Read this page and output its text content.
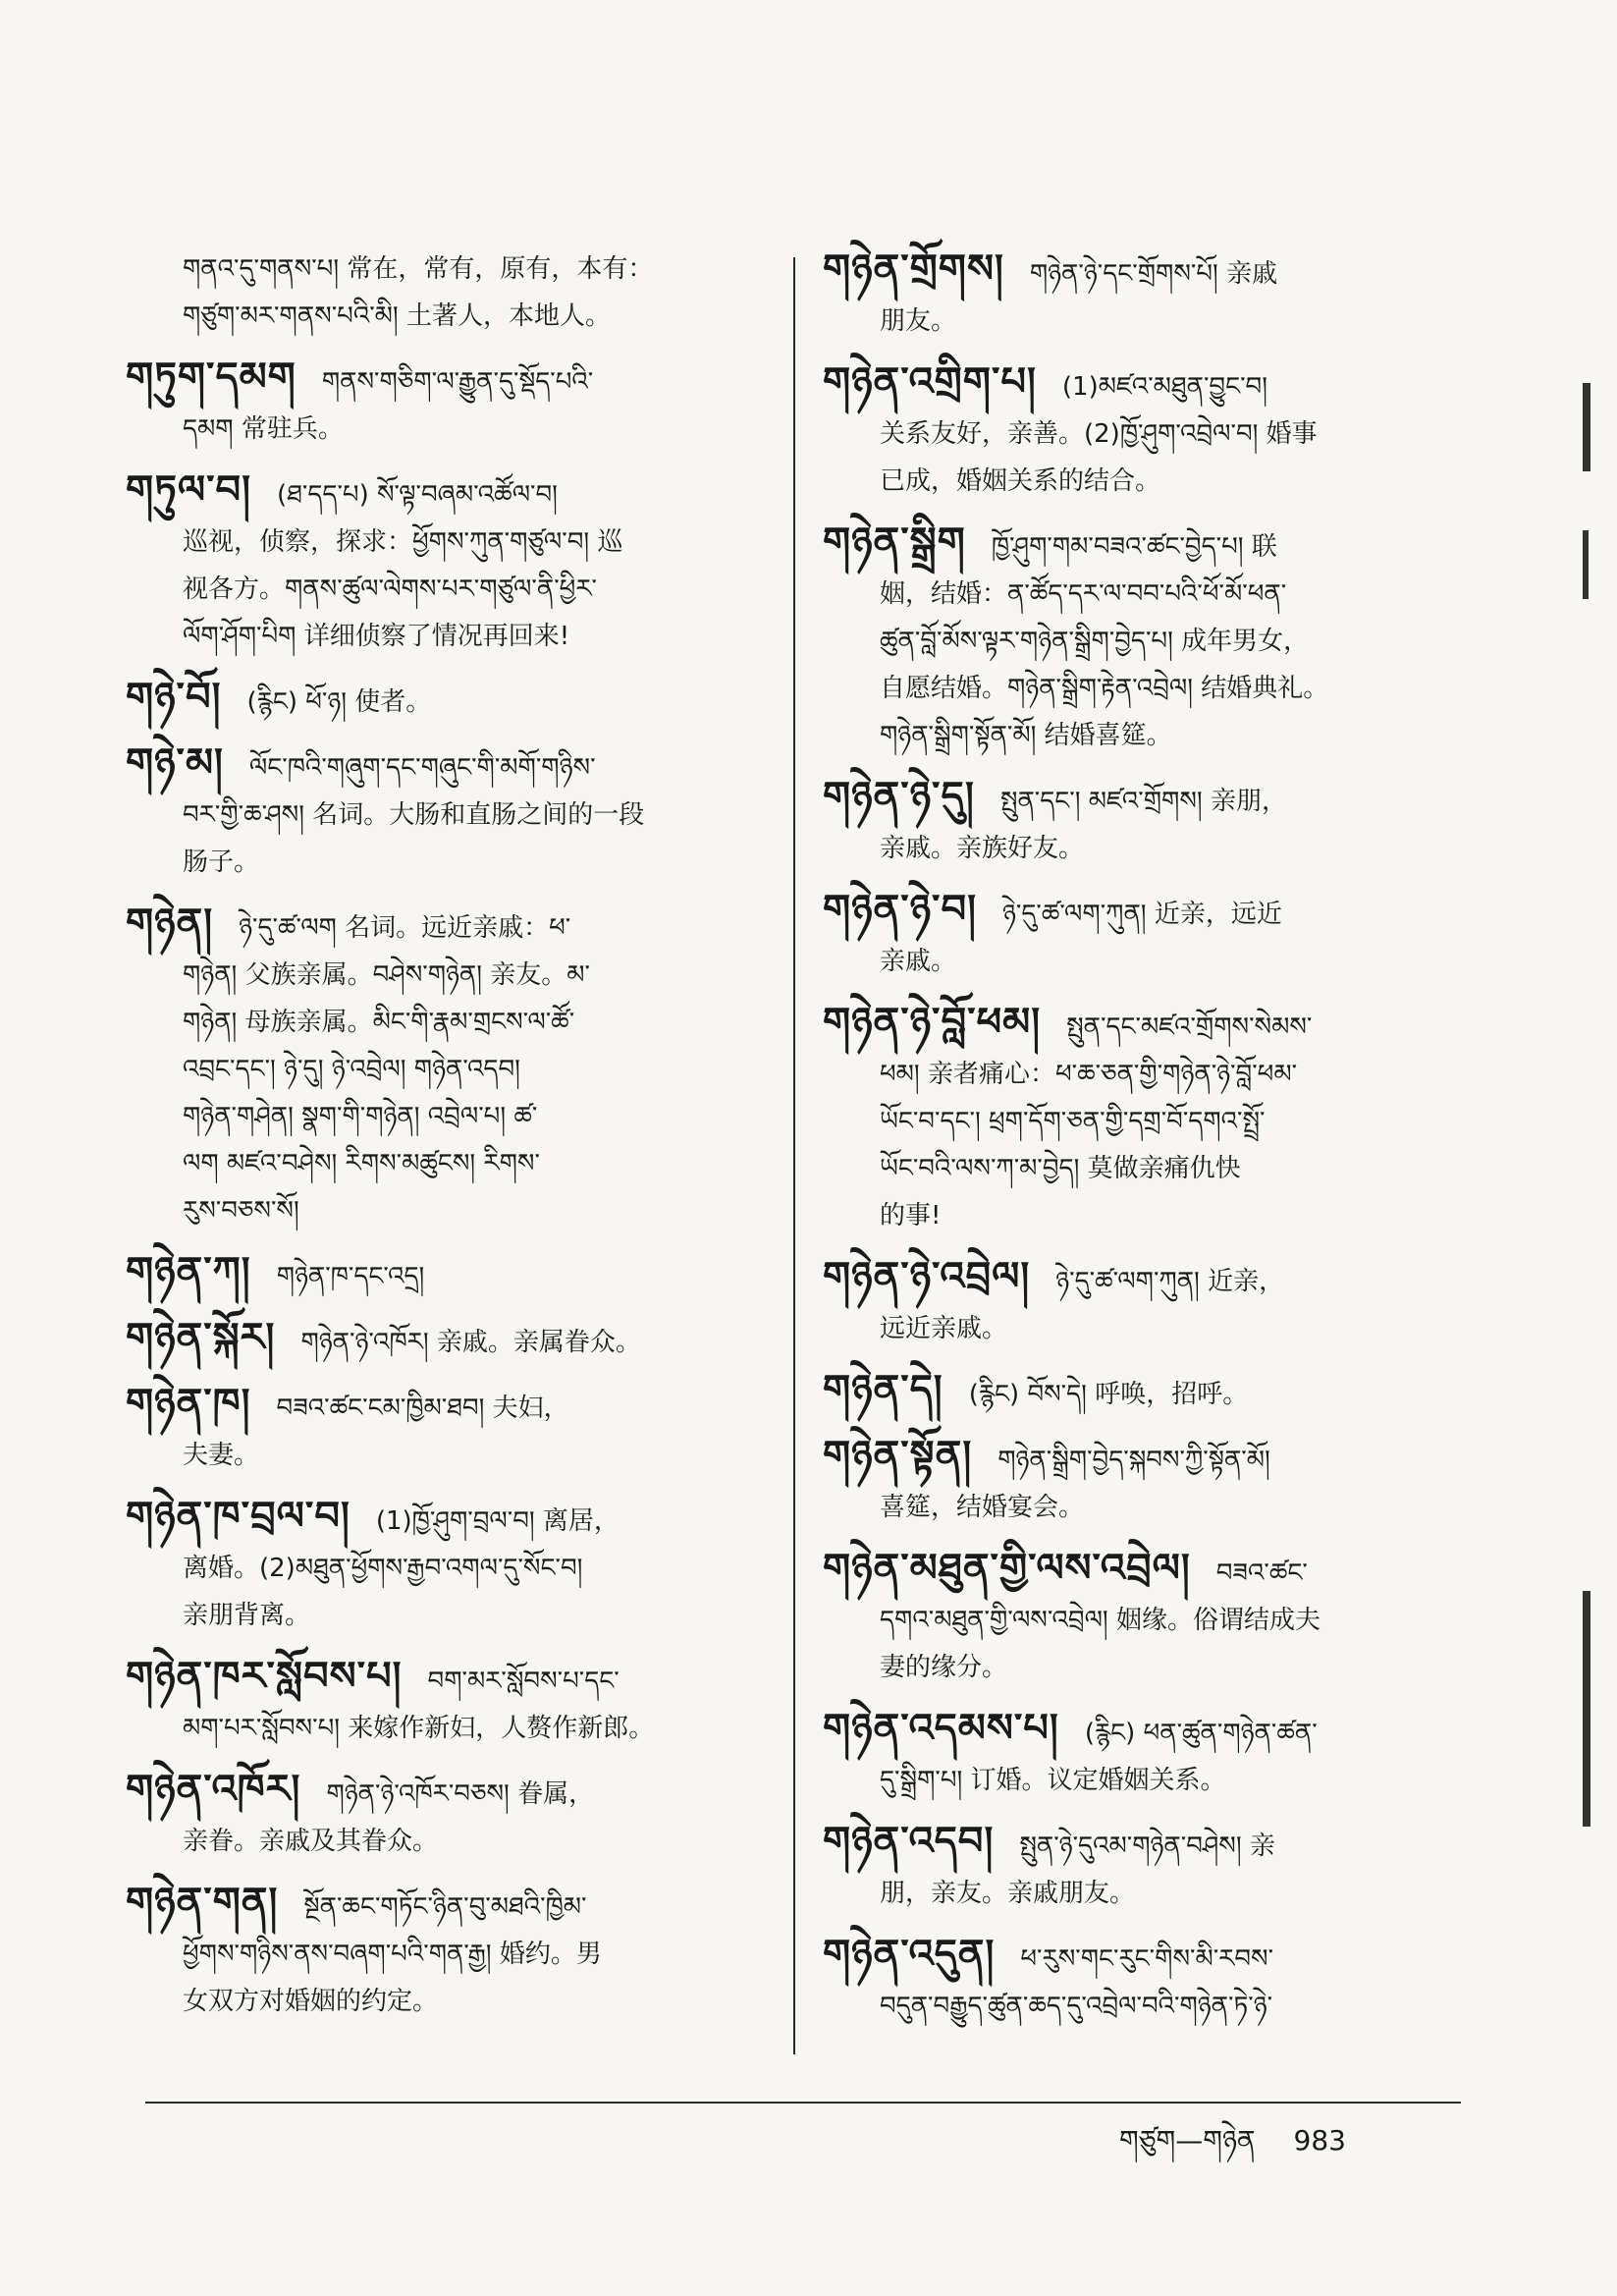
གནའ་དུ་གནས་པ། 常在，常有，原有，本有：
གཙུག་མར་གནས་པའི་མི། 土著人，本地人。
གཏུག་དམག གནས་གཅིག་ལ་རྒྱུན་དུ་སྡོད་པའི་
དམག 常驻兵。
གཏུལ་བ། (ཐ་དད་པ) སོ་ལྟ་བཞམ་འཚོལ་བ།
巡视，侦察，探求：ཕྱོགས་ཀུན་གཙུལ་བ། 巡
视各方。གནས་ཚུལ་ལེགས་པར་གཙུལ་ནི་ཕྱིར་
ལོག་ཤོག་པིག 详细侦察了情况再回来!
གཉེ་བོ། (རྙིང) ཕོ་ཉ། 使者。
གཉེ་མ། ལོང་ཁའི་གཞུག་དང་གཞུང་གི་མགོ་གཉིས་
བར་གྱི་ཆ་ཤས། 名词。大肠和直肠之间的一段
肠子。
གཉེན། ཉེ་དུ་ཚ་ལག 名词。远近亲戚：ཕ་
གཉེན། 父族亲属。བཤེས་གཉེན། 亲友。མ་
གཉེན། 母族亲属。མིང་གི་རྣམ་གྲངས་ལ་ཚོ་
འབྲང་དང་། ཉེ་དུ། ཉེ་འབྲེལ། གཉེན་འདབ།
གཉེན་གཤེན། སྣག་གི་གཉེན། འབྲེལ་པ། ཚ་
ལག མཛའ་བཤེས། རིགས་མཚུངས། རིགས་
རུས་བཅས་སོ།
གཉེན་ཀ། གཉེན་ཁ་དང་འདྲ།
གཉེན་སྐོར། གཉེན་ཉེ་འཁོར། 亲戚。亲属眷众。
གཉེན་ཁ། བཟའ་ཚང་ངམ་ཁྱིམ་ཐབ། 夫妇，
夫妻。
གཉེན་ཁ་བྲལ་བ། (1)ཁྱོ་ཤུག་བྲལ་བ། 离居，
离婚。(2)མཐུན་ཕྱོགས་རྒྱབ་འགལ་དུ་སོང་བ།
亲朋背离。
གཉེན་ཁར་སློབས་པ། བག་མར་སློབས་པ་དང་
མག་པར་སློབས་པ། 来嫁作新妇，人赘作新郎。
གཉེན་འཁོར། གཉེན་ཉེ་འཁོར་བཅས། 眷属，
亲眷。亲戚及其眷众。
གཉེན་གན། སྔོན་ཆང་གཏོང་ཉིན་བུ་མཐའི་ཁྱིམ་
ཕྱོགས་གཉིས་ནས་བཞག་པའི་གན་རྒྱ། 婚约。男
女双方对婚姻的约定。
གཉེན་གྲོགས། གཉེན་ཉེ་དང་གྲོགས་པོ། 亲戚
朋友。
གཉེན་འགྲིག་པ། (1)མཛའ་མཐུན་བྱུང་བ།
关系友好，亲善。(2)ཁྱོ་ཤུག་འབྲེལ་བ། 婚事
已成，婚姻关系的结合。
གཉེན་སྒྲིག ཁྱོ་ཤུག་གམ་བཟའ་ཚང་བྱེད་པ། 联
姻，结婚：ན་ཚོད་དར་ལ་བབ་པའི་ཕོ་མོ་ཕན་
ཚུན་བློ་མོས་ལྟར་གཉེན་སྒྲིག་བྱེད་པ། 成年男女，
自愿结婚。གཉེན་སྒྲིག་རྟེན་འབྲེལ། 结婚典礼。
གཉེན་སྒྲིག་སྟོན་མོ། 结婚喜筵。
གཉེན་ཉེ་དུ། སྤུན་དང་། མཛའ་གྲོགས། 亲朋，
亲戚。亲族好友。
གཉེན་ཉེ་བ། ཉེ་དུ་ཚ་ལག་ཀུན། 近亲，远近
亲戚。
གཉེན་ཉེ་བློ་ཕམ། སྤུན་དང་མཛའ་གྲོགས་སེམས་
ཕམ། 亲者痛心：ཕ་ཆ་ཅན་གྱི་གཉེན་ཉེ་བློ་ཕམ་
ཡོང་བ་དང་། ཕྲག་དོག་ཅན་གྱི་དགྲ་བོ་དགའ་སྤྲོ་
ཡོང་བའི་ལས་ཀ་མ་བྱེད། 莫做亲痛仇快
的事!
གཉེན་ཉེ་འབྲེལ། ཉེ་དུ་ཚ་ལག་ཀུན། 近亲，
远近亲戚。
གཉེན་དེ། (རྙིང) བོས་དེ། 呼唤，招呼。
གཉེན་སྟོན། གཉེན་སྒྲིག་བྱེད་སྐབས་ཀྱི་སྟོན་མོ།
喜筵，结婚宴会。
གཉེན་མཐུན་གྱི་ལས་འབྲེལ། བཟའ་ཚང་
དགའ་མཐུན་གྱི་ལས་འབྲེལ། 姻缘。俗谓结成夫
妻的缘分。
གཉེན་འདམས་པ། (རྙིང) ཕན་ཚུན་གཉེན་ཚན་
དུ་སྒྲིག་པ། 订婚。议定婚姻关系。
གཉེན་འདབ། སྤུན་ཉེ་དུའམ་གཉེན་བཤེས། 亲
朋，亲友。亲戚朋友。
གཉེན་འདུན། ཕ་རུས་གང་རུང་གིས་མི་རབས་
བདུན་བརྒྱུད་ཚུན་ཆད་དུ་འབྲེལ་བའི་གཉེན་ཏེ་ཉེ་
གཙུག—གཉེན 983
